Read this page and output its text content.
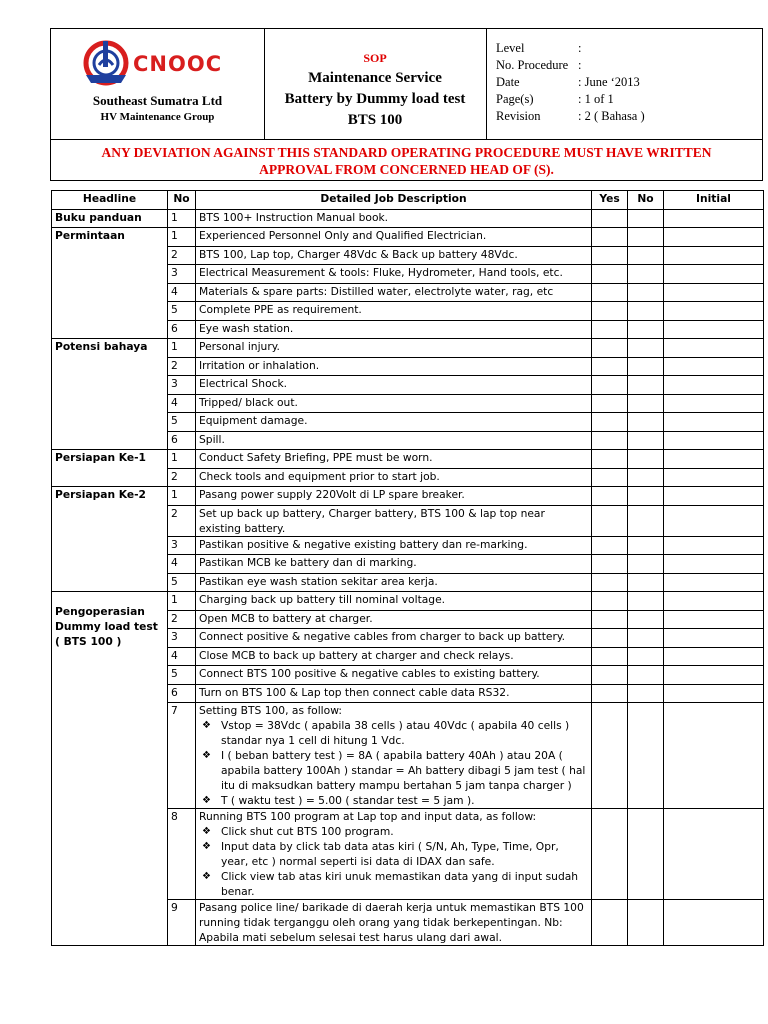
CNOOC
Southeast Sumatra Ltd
HV Maintenance Group
SOP
Maintenance Service
Battery by Dummy load test
BTS 100
Level	:
No. Procedure :
Date	: June ‘2013
Page(s)	: 1 of 1
Revision	: 2 ( Bahasa )
ANY DEVIATION AGAINST THIS STANDARD OPERATING PROCEDURE MUST HAVE WRITTEN
APPROVAL FROM CONCERNED HEAD OF (S).
Headline	No	Detailed Job Description	Yes	No	Initial
Buku panduan	1	BTS 100+ Instruction Manual book.			
Permintaan	1	Experienced Personnel Only and Qualified Electrician.			
	2	BTS 100, Lap top, Charger 48Vdc & Back up battery 48Vdc.			
	3	Electrical Measurement & tools: Fluke, Hydrometer, Hand tools, etc.			
	4	Materials & spare parts: Distilled water, electrolyte water, rag, etc			
	5	Complete PPE as requirement.			
	6	Eye wash station.			
Potensi bahaya	1	Personal injury.			
	2	Irritation or inhalation.			
	3	Electrical Shock.			
	4	Tripped/ black out.			
	5	Equipment damage.			
	6	Spill.			
Persiapan Ke-1	1	Conduct Safety Briefing, PPE must be worn.			
	2	Check tools and equipment prior to start job.			
Persiapan Ke-2	1	Pasang power supply 220Volt di LP spare breaker.			
	2	Set up back up battery, Charger battery, BTS 100 & lap top near existing battery.			
	3	Pastikan positive & negative existing battery dan re-marking.			
	4	Pastikan MCB ke battery dan di marking.			
	5	Pastikan eye wash station sekitar area kerja.			
Pengoperasian Dummy load test ( BTS 100 )	1	Charging back up battery till nominal voltage.			
	2	Open MCB to battery at charger.			
	3	Connect positive & negative cables from charger to back up battery.			
	4	Close MCB to back up battery at charger and check relays.			
	5	Connect BTS 100 positive & negative cables to existing battery.			
	6	Turn on BTS 100 & Lap top then connect cable data RS32.			
	7	Setting BTS 100, as follow:
❖ Vstop = 38Vdc ( apabila 38 cells ) atau 40Vdc ( apabila 40 cells ) standar nya 1 cell di hitung 1 Vdc.
❖ I ( beban battery test ) = 8A ( apabila battery 40Ah ) atau 20A ( apabila battery 100Ah ) standar = Ah battery dibagi 5 jam test ( hal itu di maksudkan battery mampu bertahan 5 jam tanpa charger )
❖ T ( waktu test ) = 5.00 ( standar test = 5 jam ).

	8	Running BTS 100 program at Lap top and input data, as follow:
❖ Click shut cut BTS 100 program.
❖ Input data by click tab data atas kiri ( S/N, Ah, Type, Time, Opr, year, etc ) normal seperti isi data di IDAX dan safe.
❖ Click view tab atas kiri unuk memastikan data yang di input sudah benar.

	9	Pasang police line/ barikade di daerah kerja untuk memastikan BTS 100 running tidak terganggu oleh orang yang tidak berkepentingan. Nb: Apabila mati sebelum selesai test harus ulang dari awal.			
